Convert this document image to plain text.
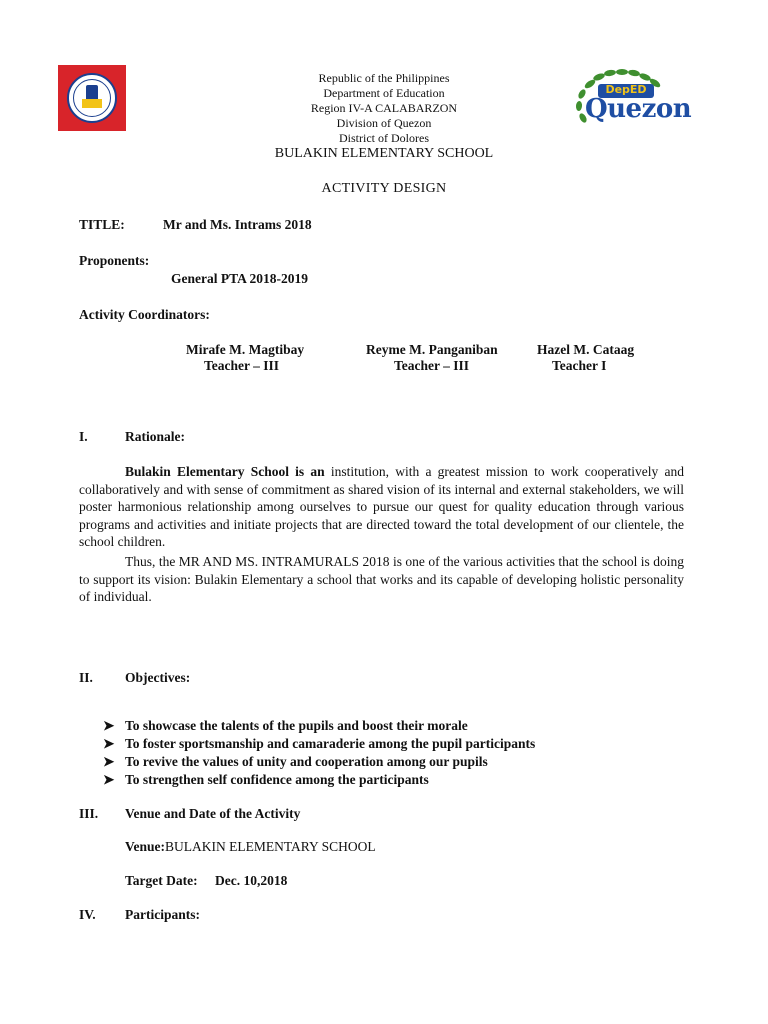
DepED
Quezon
Republic of the Philippines
Department of Education
Region IV-A CALABARZON
Division of Quezon
District of Dolores
BULAKIN ELEMENTARY SCHOOL
ACTIVITY DESIGN
TITLE:	Mr and Ms. Intrams 2018
Proponents:
General PTA 2018-2019
Activity Coordinators:
Mirafe M. Magtibay
Teacher – III
Reyme M. Panganiban
Teacher – III
Hazel M. Cataag
Teacher I
I.	Rationale:
Bulakin Elementary School is an institution, with a greatest mission to work cooperatively and collaboratively and with sense of commitment as shared vision of its internal and external stakeholders, we will poster harmonious relationship among ourselves to pursue our quest for quality education through various programs and activities and initiate projects that are directed toward the total development of our clientele, the school children.
Thus, the MR AND MS. INTRAMURALS 2018 is one of the various activities that the school is doing to support its vision: Bulakin Elementary a school that works and its capable of developing holistic personality of individual.
II. Objectives:
➤ To showcase the talents of the pupils and boost their morale
➤ To foster sportsmanship and camaraderie among the pupil participants
➤ To revive the values of unity and cooperation among our pupils
➤ To strengthen self confidence among the participants
III. Venue and Date of the Activity
Venue:BULAKIN ELEMENTARY SCHOOL
Target Date: Dec. 10,2018
IV. Participants:
